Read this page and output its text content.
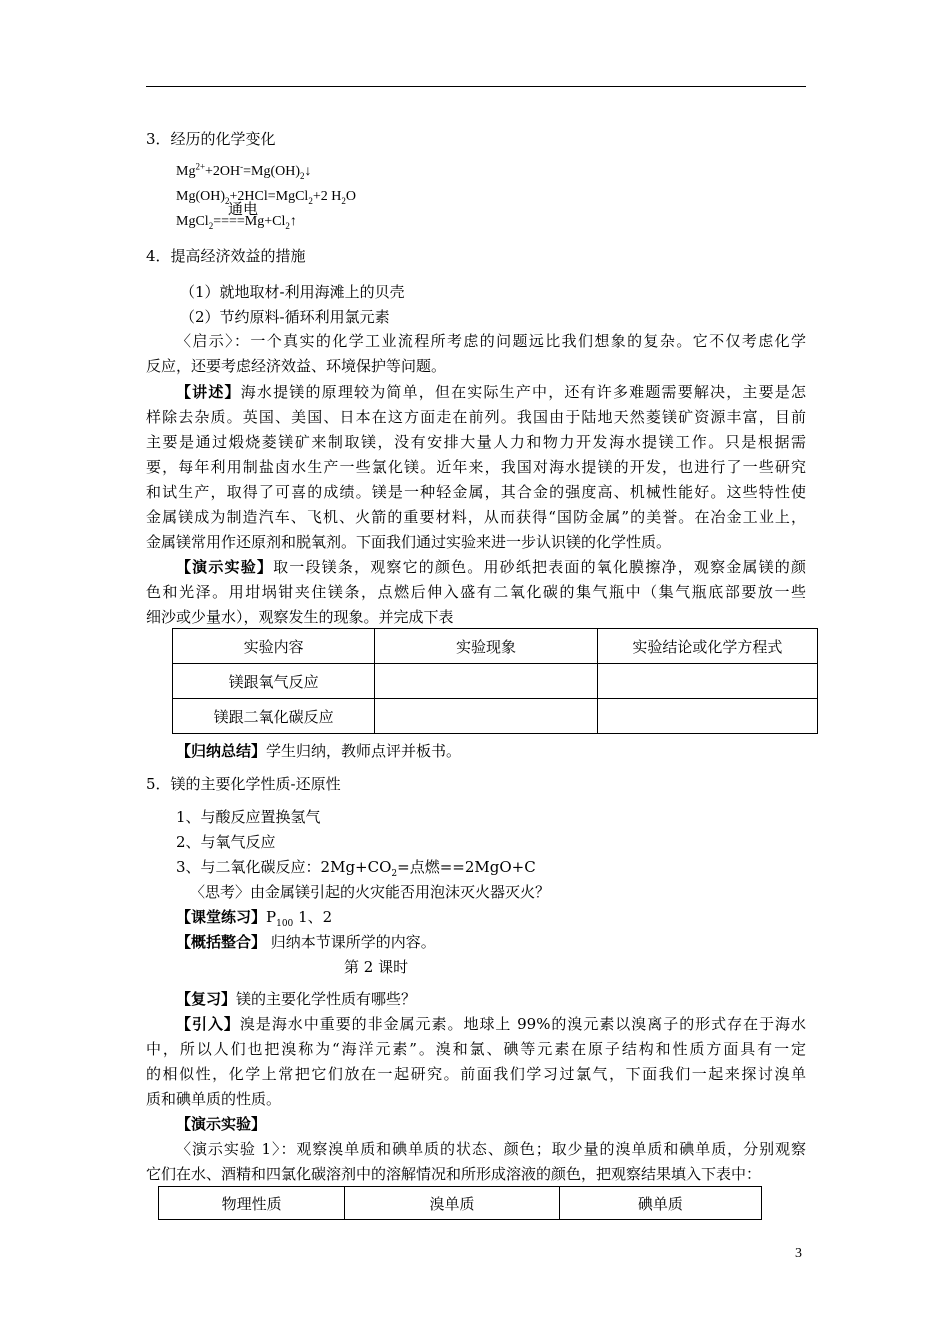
3．经历的化学变化
$Mg^{2+}+2OH^-=Mg(OH)_2↓$
$Mg(OH)_2+2HCl=MgCl_2+2$ $H_2O$
通电
$MgCl_2====Mg+Cl_2↑$
4．提高经济效益的措施
（1）就地取材-利用海滩上的贝壳
（2）节约原料-循环利用氯元素
〈启示〉：一个真实的化学工业流程所考虑的问题远比我们想象的复杂。它不仅考虑化学
反应，还要考虑经济效益、环境保护等问题。
【讲述】海水提镁的原理较为简单，但在实际生产中，还有许多难题需要解决，主要是怎
样除去杂质。英国、美国、日本在这方面走在前列。我国由于陆地天然菱镁矿资源丰富，目前
主要是通过煅烧菱镁矿来制取镁，没有安排大量人力和物力开发海水提镁工作。只是根据需
要，每年利用制盐卤水生产一些氯化镁。近年来，我国对海水提镁的开发，也进行了一些研究
和试生产，取得了可喜的成绩。镁是一种轻金属，其合金的强度高、机械性能好。这些特性使
金属镁成为制造汽车、飞机、火箭的重要材料，从而获得“国防金属”的美誉。在冶金工业上，
金属镁常用作还原剂和脱氧剂。下面我们通过实验来进一步认识镁的化学性质。
【演示实验】取一段镁条，观察它的颜色。用砂纸把表面的氧化膜擦净，观察金属镁的颜
色和光泽。用坩埚钳夹住镁条，点燃后伸入盛有二氧化碳的集气瓶中（集气瓶底部要放一些
细沙或少量水），观察发生的现象。并完成下表
实验内容	实验现象	实验结论或化学方程式
镁跟氧气反应		
镁跟二氧化碳反应		
【归纳总结】学生归纳，教师点评并板书。
5．镁的主要化学性质-还原性
1、与酸反应置换氢气
2、与氧气反应
3、与二氧化碳反应：$2Mg+CO_2=$点燃==2MgO+C
〈思考〉由金属镁引起的火灾能否用泡沫灭火器灭火？
【课堂练习】$P_{100}$ 1、2
【概括整合】 归纳本节课所学的内容。
第 2 课时
【复习】镁的主要化学性质有哪些？
【引入】溴是海水中重要的非金属元素。地球上 99%的溴元素以溴离子的形式存在于海水
中，所以人们也把溴称为“海洋元素”。溴和氯、碘等元素在原子结构和性质方面具有一定
的相似性，化学上常把它们放在一起研究。前面我们学习过氯气，下面我们一起来探讨溴单
质和碘单质的性质。
【演示实验】
〈演示实验 1〉：观察溴单质和碘单质的状态、颜色；取少量的溴单质和碘单质，分别观察
它们在水、酒精和四氯化碳溶剂中的溶解情况和所形成溶液的颜色，把观察结果填入下表中：
物理性质	溴单质	碘单质
3
